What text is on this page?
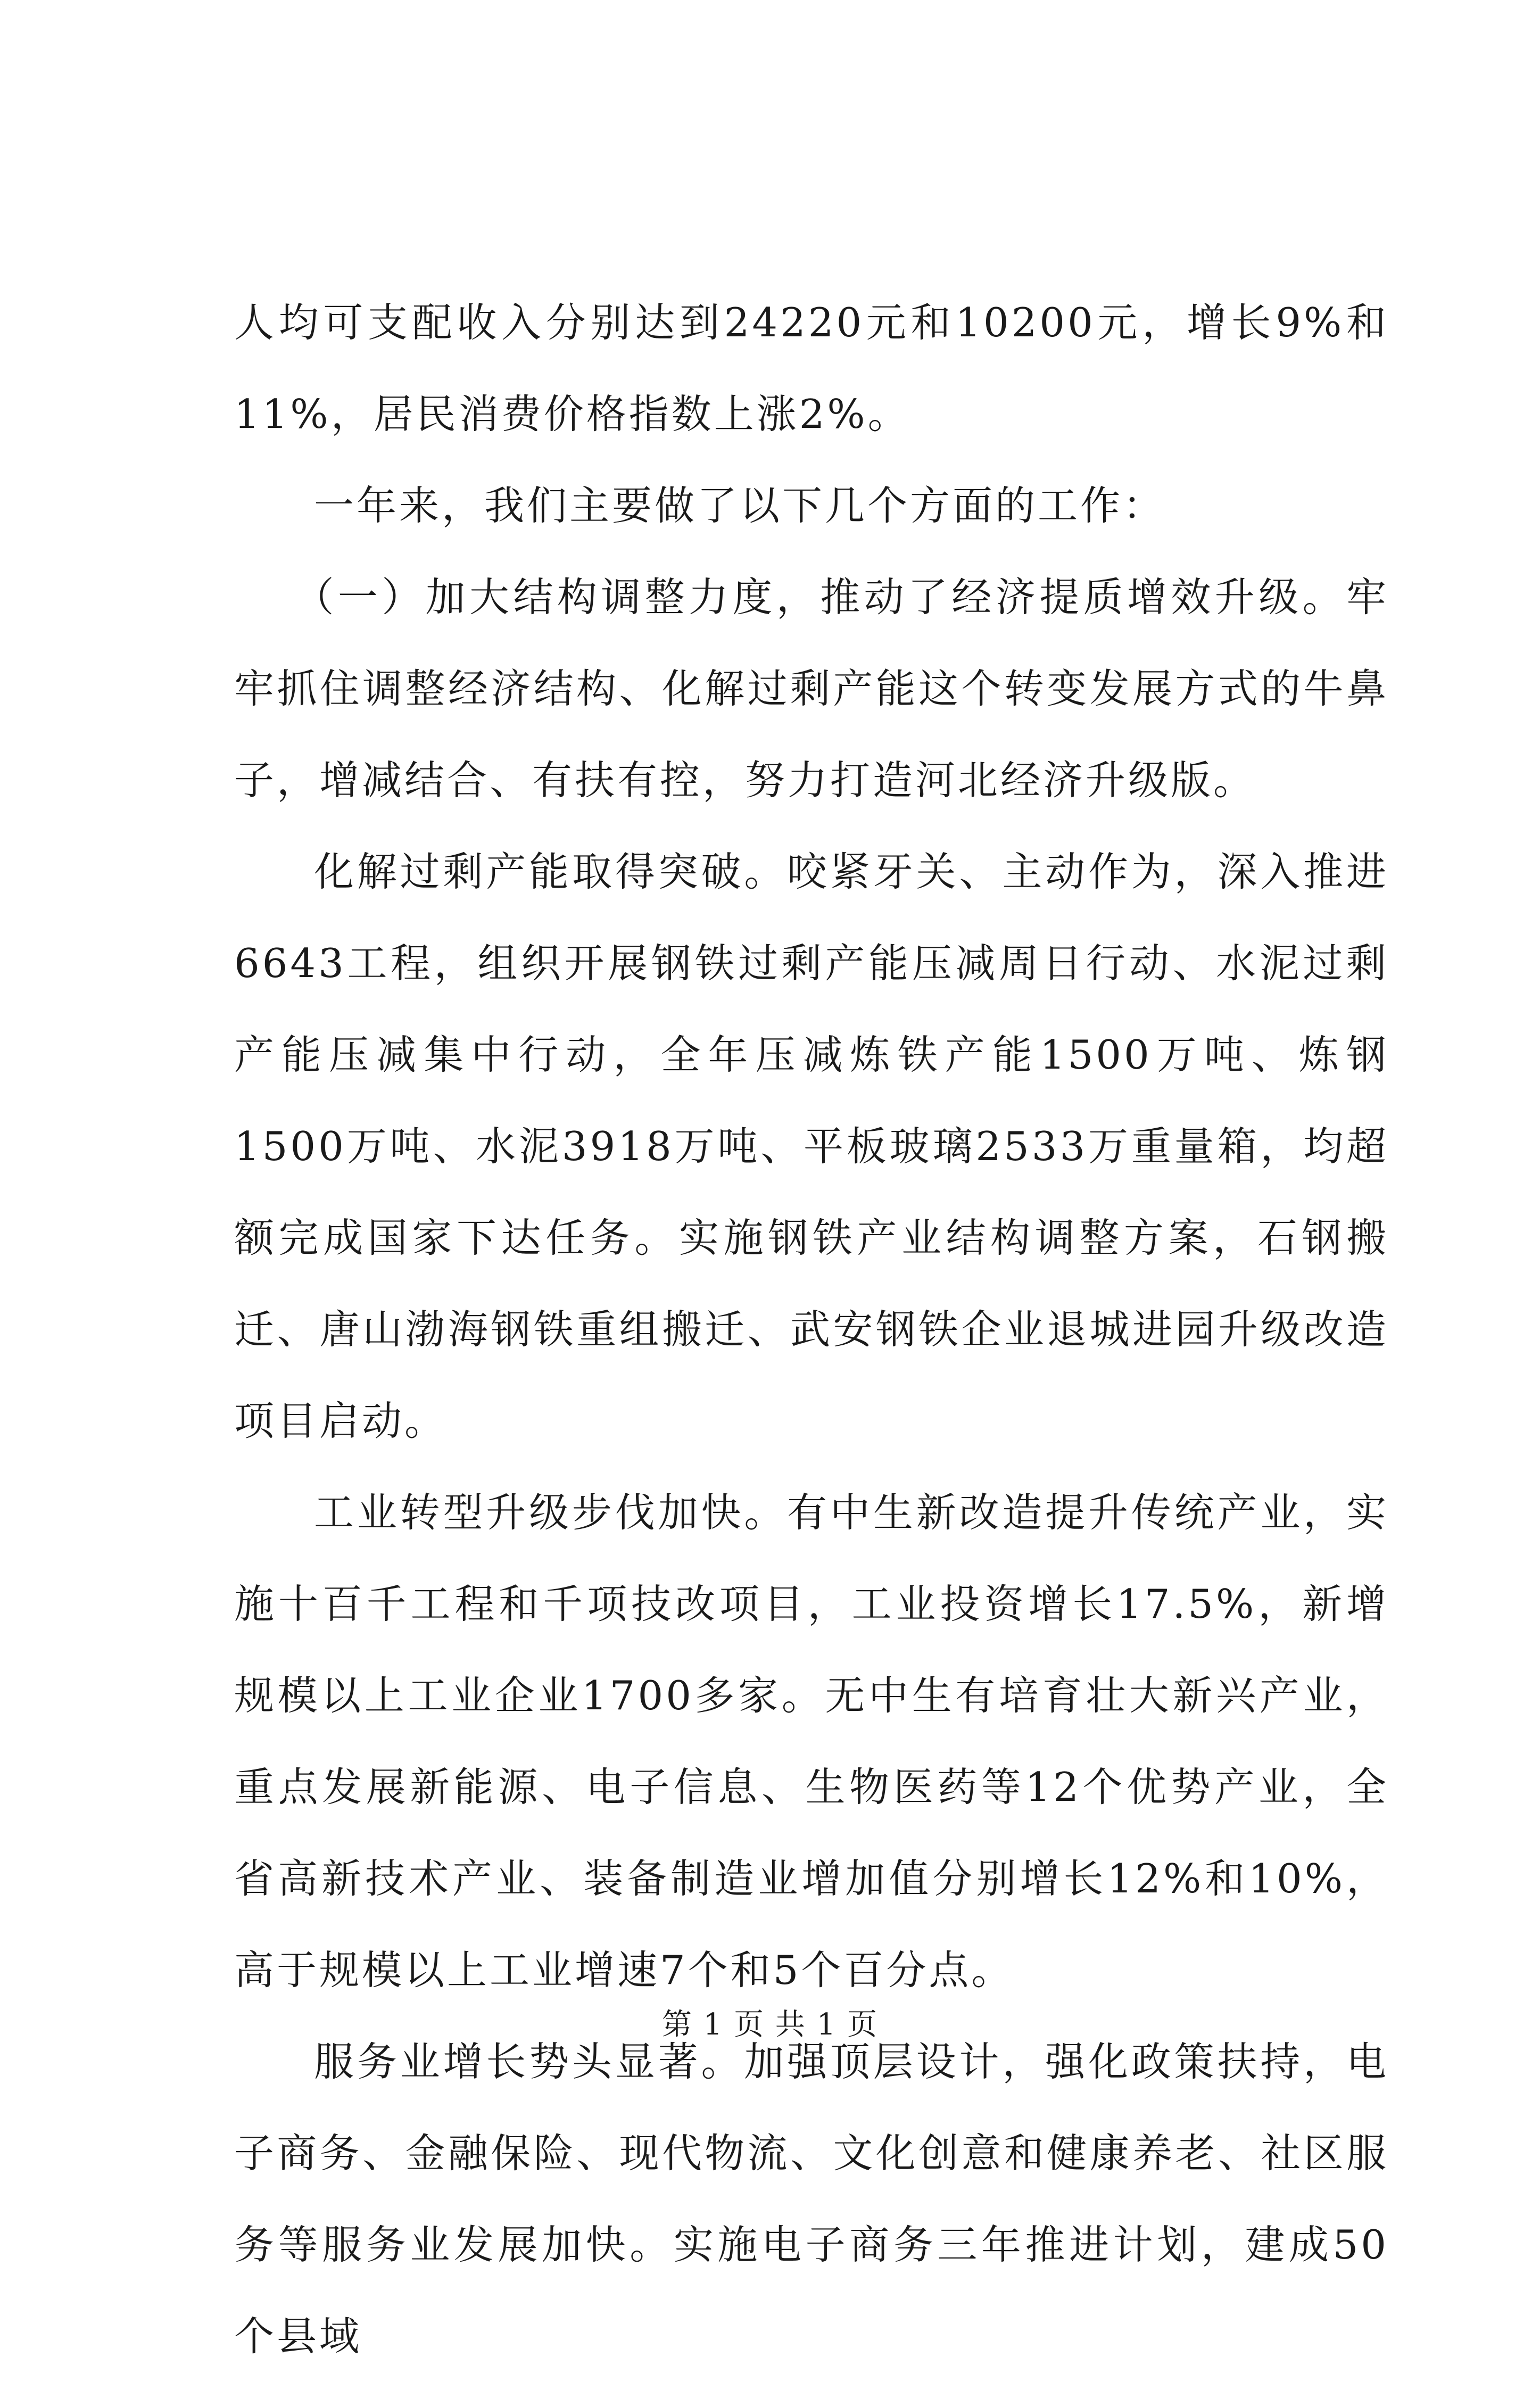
人均可支配收入分别达到24220元和10200元，增长9%和11%，居民消费价格指数上涨2%。

一年来，我们主要做了以下几个方面的工作：

（一）加大结构调整力度，推动了经济提质增效升级。牢牢抓住调整经济结构、化解过剩产能这个转变发展方式的牛鼻子，增减结合、有扶有控，努力打造河北经济升级版。

化解过剩产能取得突破。咬紧牙关、主动作为，深入推进6643工程，组织开展钢铁过剩产能压减周日行动、水泥过剩产能压减集中行动，全年压减炼铁产能1500万吨、炼钢1500万吨、水泥3918万吨、平板玻璃2533万重量箱，均超额完成国家下达任务。实施钢铁产业结构调整方案，石钢搬迁、唐山渤海钢铁重组搬迁、武安钢铁企业退城进园升级改造项目启动。

工业转型升级步伐加快。有中生新改造提升传统产业，实施十百千工程和千项技改项目，工业投资增长17.5%，新增规模以上工业企业1700多家。无中生有培育壮大新兴产业，重点发展新能源、电子信息、生物医药等12个优势产业，全省高新技术产业、装备制造业增加值分别增长12%和10%，高于规模以上工业增速7个和5个百分点。

服务业增长势头显著。加强顶层设计，强化政策扶持，电子商务、金融保险、现代物流、文化创意和健康养老、社区服务等服务业发展加快。实施电子商务三年推进计划，建成50个县域

第 1 页 共 1 页
